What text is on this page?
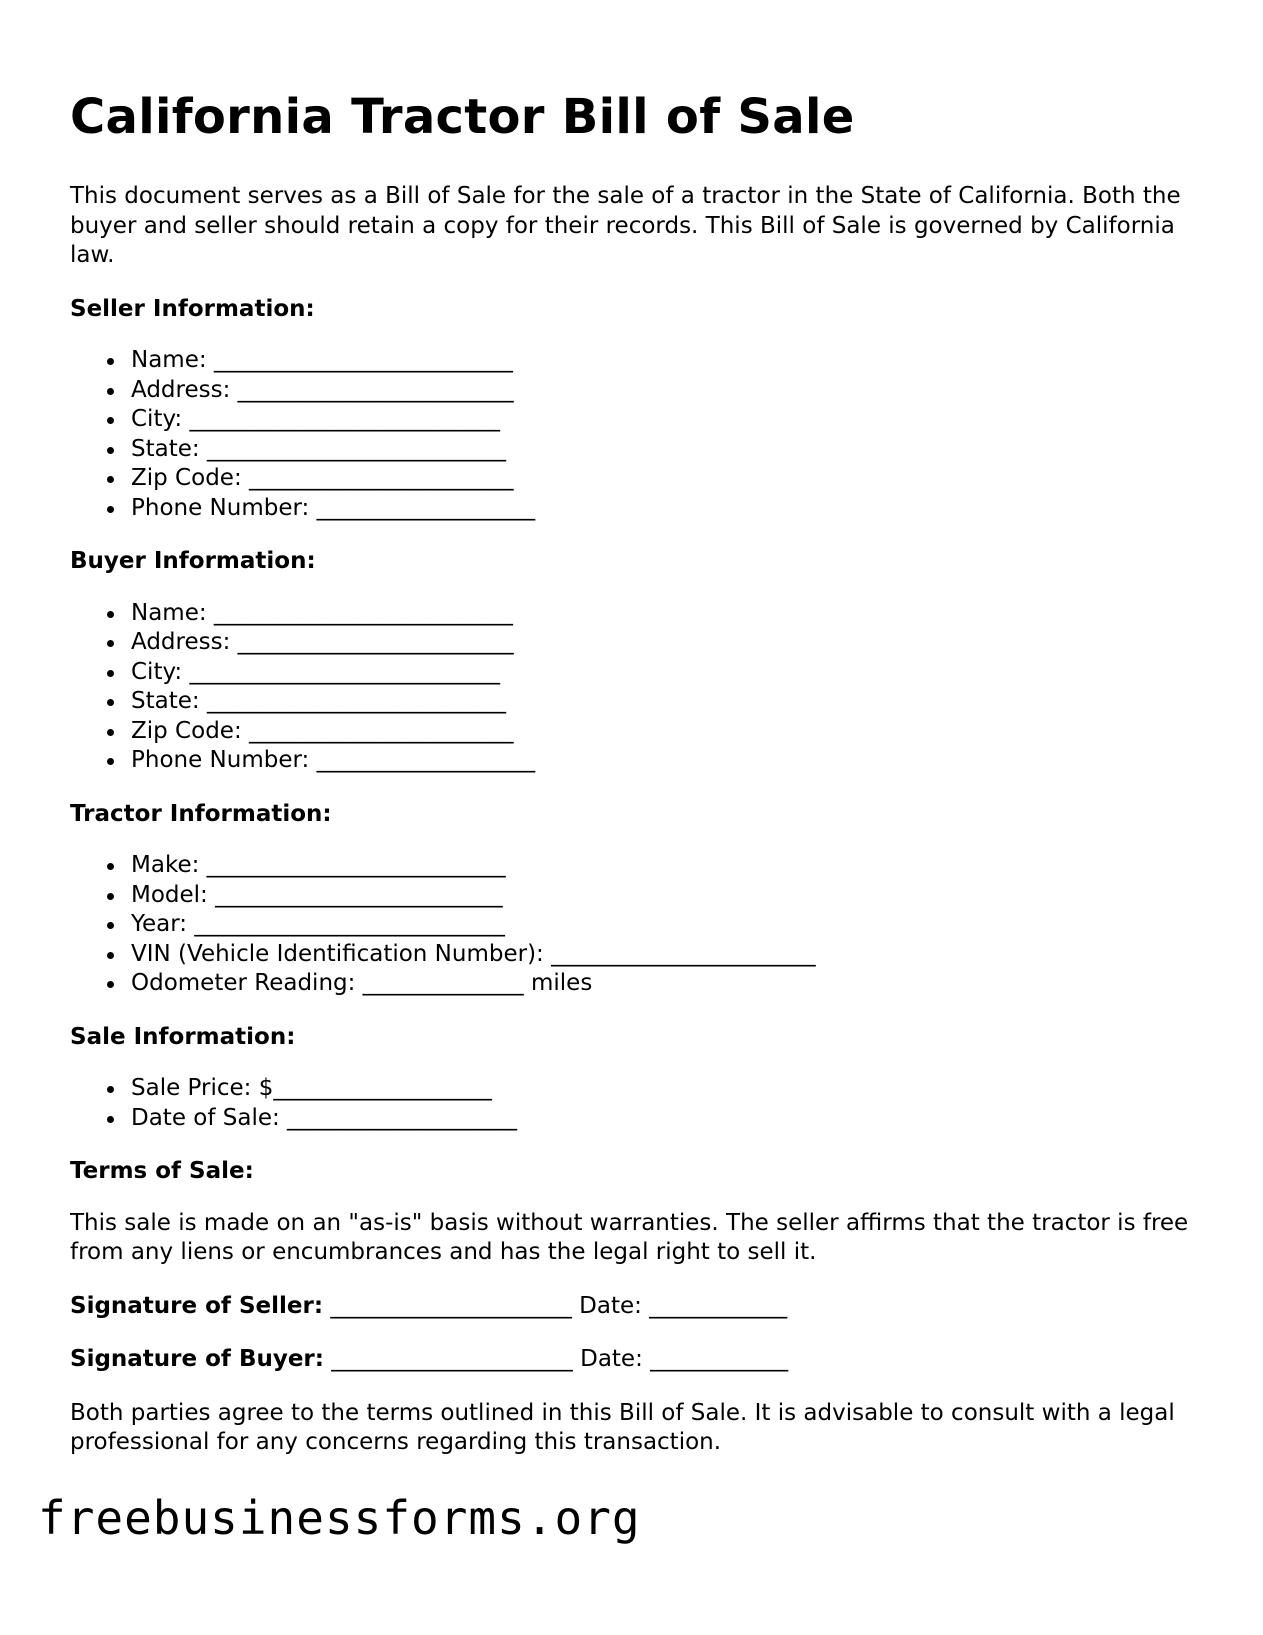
California Tractor Bill of Sale

This document serves as a Bill of Sale for the sale of a tractor in the State of California. Both the buyer and seller should retain a copy for their records. This Bill of Sale is governed by California law.

Seller Information:
Name: __________________________
Address: ________________________
City: ___________________________
State: __________________________
Zip Code: _______________________
Phone Number: ___________________
Buyer Information:
Name: __________________________
Address: ________________________
City: ___________________________
State: __________________________
Zip Code: _______________________
Phone Number: ___________________
Tractor Information:
Make: __________________________
Model: _________________________
Year: ___________________________
VIN (Vehicle Identification Number): _______________________
Odometer Reading: ______________ miles
Sale Information:
Sale Price: $___________________
Date of Sale: ____________________
Terms of Sale:

This sale is made on an "as-is" basis without warranties. The seller affirms that the tractor is free from any liens or encumbrances and has the legal right to sell it.

Signature of Seller: _____________________ Date: ____________
Signature of Buyer: _____________________ Date: ____________

Both parties agree to the terms outlined in this Bill of Sale. It is advisable to consult with a legal professional for any concerns regarding this transaction.

freebusinessforms.org
